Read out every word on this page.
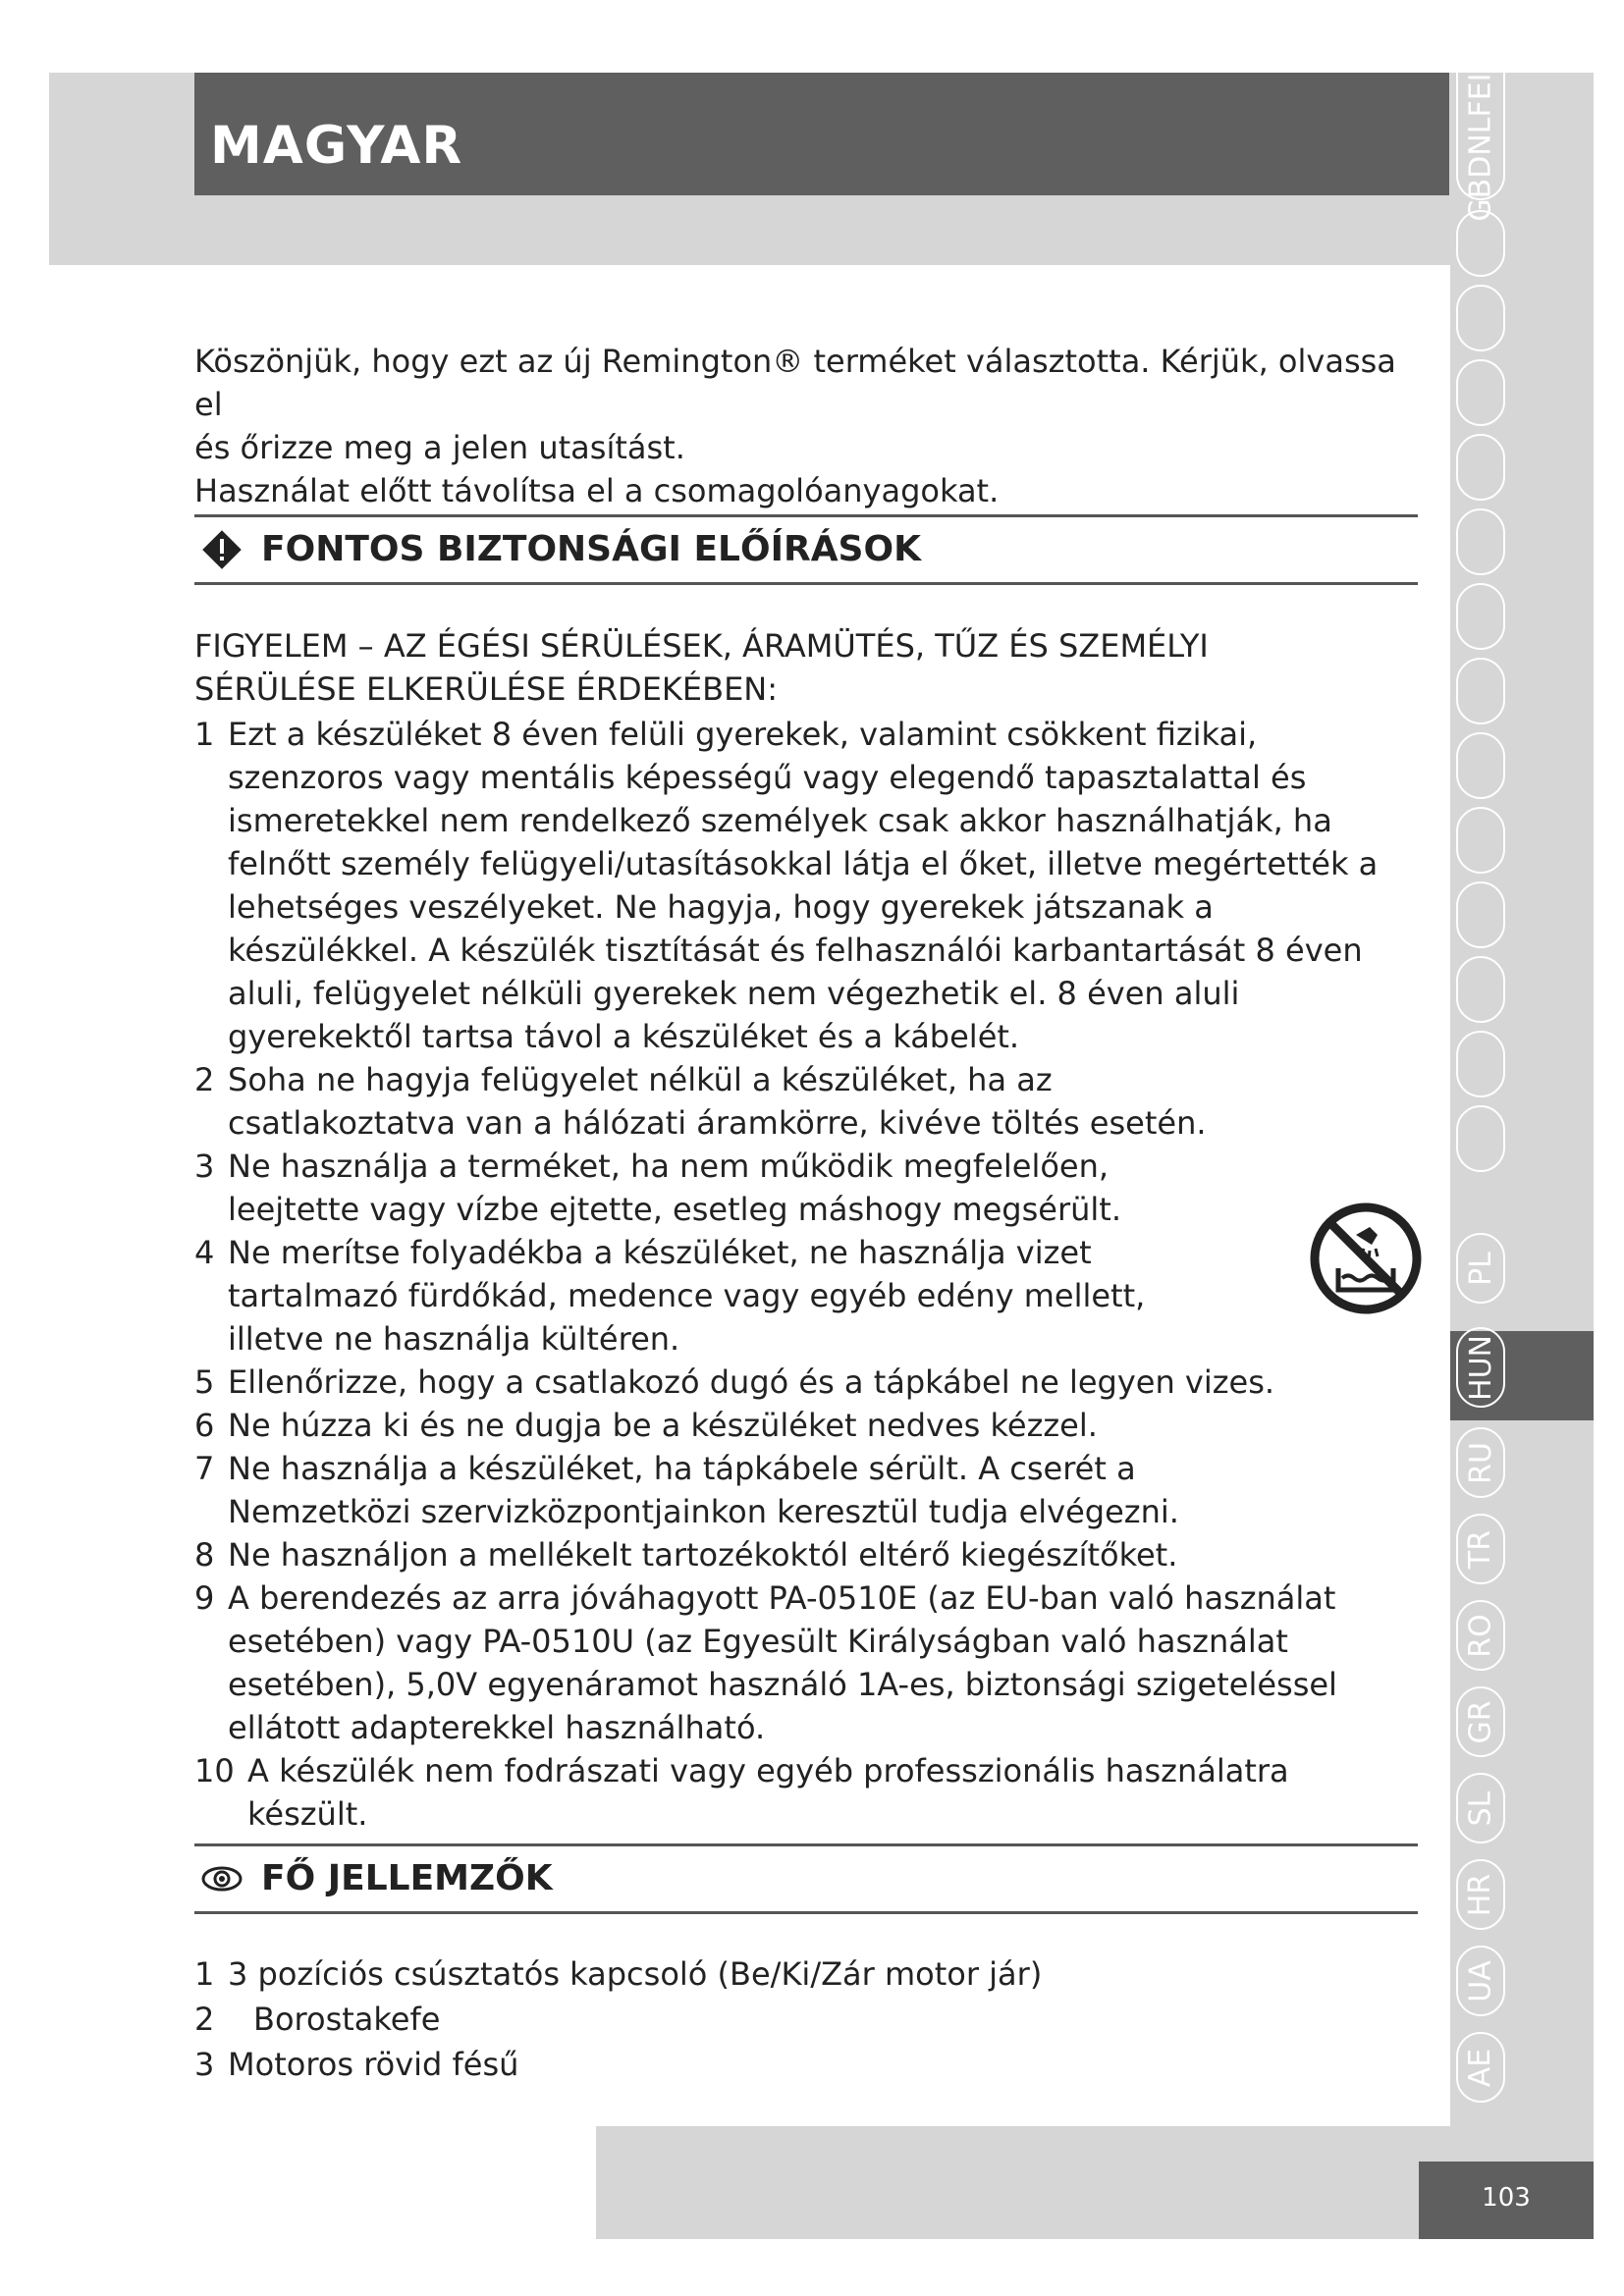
MAGYAR	GBDNLFEID
PL
HUN
RU
TR
RO
GR
SL
HR
UA
AE

Köszönjük, hogy ezt az új Remington® terméket választotta. Kérjük, olvassa el

és őrizze meg a jelen utasítást.

Használat előtt távolítsa el a csomagolóanyagokat.

FONTOS BIZTONSÁGI ELŐÍRÁSOK

FIGYELEM – AZ ÉGÉSI SÉRÜLÉSEK, ÁRAMÜTÉS, TŰZ ÉS SZEMÉLYI SÉRÜLÉSE ELKERÜLÉSE ÉRDEKÉBEN:

1 Ezt a készüléket 8 éven felüli gyerekek, valamint csökkent fizikai, szenzoros vagy mentális képességű vagy elegendő tapasztalattal és ismeretekkel nem rendelkező személyek csak akkor használhatják, ha felnőtt személy felügyeli/utasításokkal látja el őket, illetve megértették a lehetséges veszélyeket. Ne hagyja, hogy gyerekek játszanak a készülékkel. A készülék tisztítását és felhasználói karbantartását 8 éven aluli, felügyelet nélküli gyerekek nem végezhetik el. 8 éven aluli gyerekektől tartsa távol a készüléket és a kábelét.
2 Soha ne hagyja felügyelet nélkül a készüléket, ha az csatlakoztatva van a hálózati áramkörre, kivéve töltés esetén.
3 Ne használja a terméket, ha nem működik megfelelően, leejtette vagy vízbe ejtette, esetleg máshogy megsérült.
4 Ne merítse folyadékba a készüléket, ne használja vizet tartalmazó fürdőkád, medence vagy egyéb edény mellett, illetve ne használja kültéren.
5 Ellenőrizze, hogy a csatlakozó dugó és a tápkábel ne legyen vizes.
6 Ne húzza ki és ne dugja be a készüléket nedves kézzel.
7 Ne használja a készüléket, ha tápkábele sérült. A cserét a Nemzetközi szervizközpontjainkon keresztül tudja elvégezni.
8 Ne használjon a mellékelt tartozékoktól eltérő kiegészítőket.
9 A berendezés az arra jóváhagyott PA-0510E (az EU-ban való használat esetében) vagy PA-0510U (az Egyesült Királyságban való használat esetében), 5,0V egyenáramot használó 1A-es, biztonsági szigeteléssel ellátott adapterekkel használható.
10 A készülék nem fodrászati vagy egyéb professzionális használatra készült.
FŐ JELLEMZŐK
1 3 pozíciós csúsztatós kapcsoló (Be/Ki/Zár motor jár)
2	Borostakefe
3 Motoros rövid fésű
103
